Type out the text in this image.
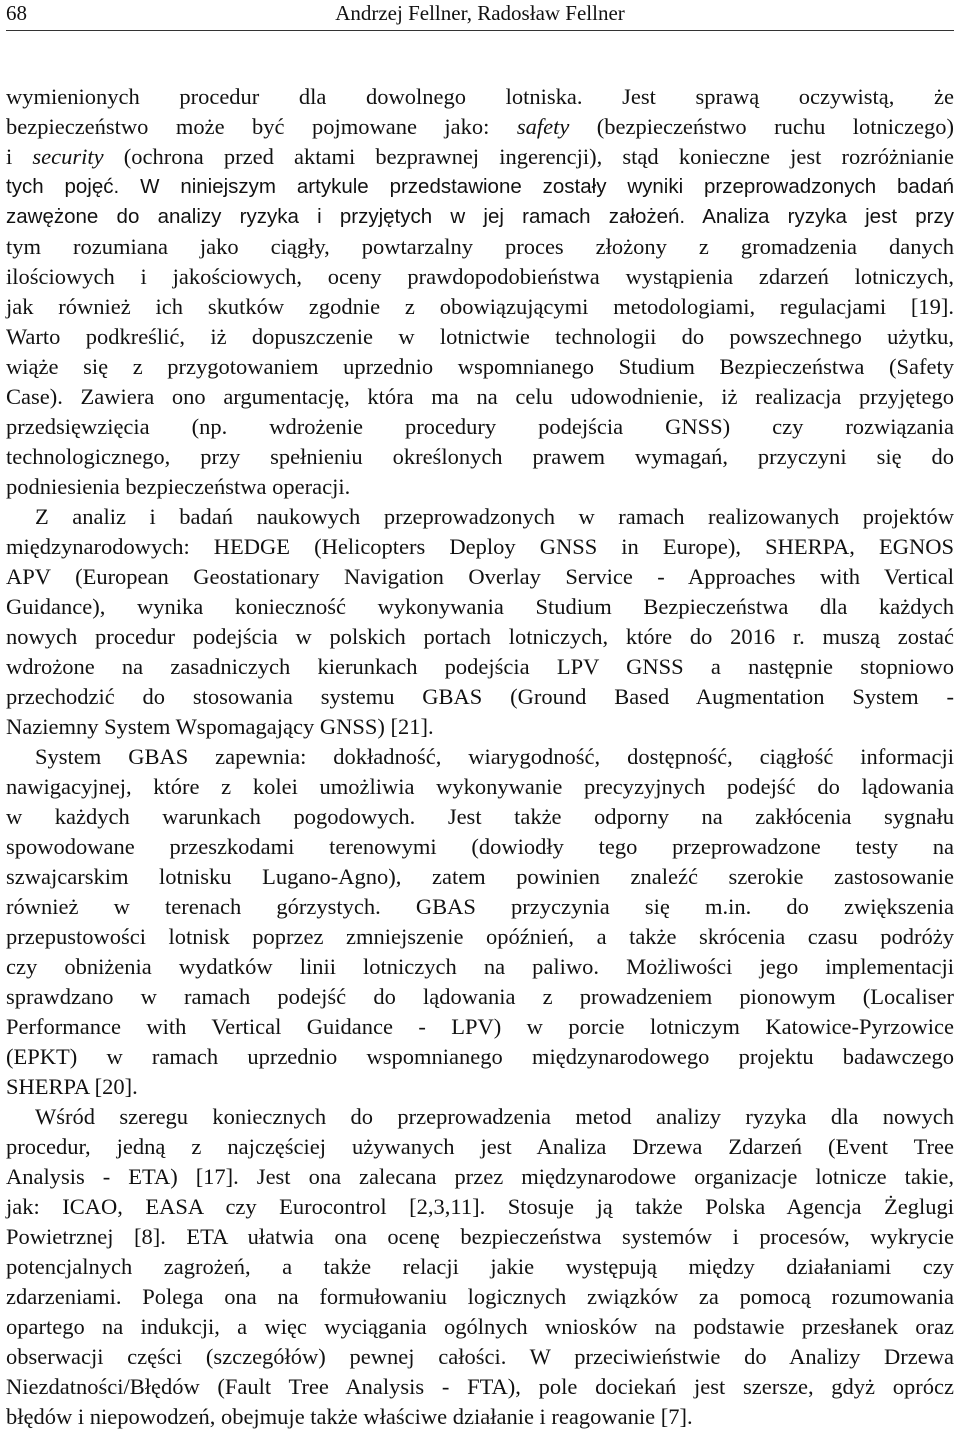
68	Andrzej Fellner, Radosław Fellner
wymienionych procedur dla dowolnego lotniska. Jest sprawą oczywistą, że
bezpieczeństwo może być pojmowane jako: safety (bezpieczeństwo ruchu lotniczego)
i security (ochrona przed aktami bezprawnej ingerencji), stąd konieczne jest rozróżnianie
tych pojęć. W niniejszym artykule przedstawione zostały wyniki przeprowadzonych badań
zawężone do analizy ryzyka i przyjętych w jej ramach założeń. Analiza ryzyka jest przy
tym rozumiana jako ciągły, powtarzalny proces złożony z gromadzenia danych
ilościowych i jakościowych, oceny prawdopodobieństwa wystąpienia zdarzeń lotniczych,
jak również ich skutków zgodnie z obowiązującymi metodologiami, regulacjami [19].
Warto podkreślić, iż dopuszczenie w lotnictwie technologii do powszechnego użytku,
wiąże się z przygotowaniem uprzednio wspomnianego Studium Bezpieczeństwa (Safety
Case). Zawiera ono argumentację, która ma na celu udowodnienie, iż realizacja przyjętego
przedsięwzięcia (np. wdrożenie procedury podejścia GNSS) czy rozwiązania
technologicznego, przy spełnieniu określonych prawem wymagań, przyczyni się do
podniesienia bezpieczeństwa operacji.
Z analiz i badań naukowych przeprowadzonych w ramach realizowanych projektów
międzynarodowych: HEDGE (Helicopters Deploy GNSS in Europe), SHERPA, EGNOS
APV (European Geostationary Navigation Overlay Service - Approaches with Vertical
Guidance), wynika konieczność wykonywania Studium Bezpieczeństwa dla każdych
nowych procedur podejścia w polskich portach lotniczych, które do 2016 r. muszą zostać
wdrożone na zasadniczych kierunkach podejścia LPV GNSS a następnie stopniowo
przechodzić do stosowania systemu GBAS (Ground Based Augmentation System -
Naziemny System Wspomagający GNSS) [21].
System GBAS zapewnia: dokładność, wiarygodność, dostępność, ciągłość informacji
nawigacyjnej, które z kolei umożliwia wykonywanie precyzyjnych podejść do lądowania
w każdych warunkach pogodowych. Jest także odporny na zakłócenia sygnału
spowodowane przeszkodami terenowymi (dowiodły tego przeprowadzone testy na
szwajcarskim lotnisku Lugano-Agno), zatem powinien znaleźć szerokie zastosowanie
również w terenach górzystych. GBAS przyczynia się m.in. do zwiększenia
przepustowości lotnisk poprzez zmniejszenie opóźnień, a także skrócenia czasu podróży
czy obniżenia wydatków linii lotniczych na paliwo. Możliwości jego implementacji
sprawdzano w ramach podejść do lądowania z prowadzeniem pionowym (Localiser
Performance with Vertical Guidance - LPV) w porcie lotniczym Katowice-Pyrzowice
(EPKT) w ramach uprzednio wspomnianego międzynarodowego projektu badawczego
SHERPA [20].
Wśród szeregu koniecznych do przeprowadzenia metod analizy ryzyka dla nowych
procedur, jedną z najczęściej używanych jest Analiza Drzewa Zdarzeń (Event Tree
Analysis - ETA) [17]. Jest ona zalecana przez międzynarodowe organizacje lotnicze takie,
jak: ICAO, EASA czy Eurocontrol [2,3,11]. Stosuje ją także Polska Agencja Żeglugi
Powietrznej [8]. ETA ułatwia ona ocenę bezpieczeństwa systemów i procesów, wykrycie
potencjalnych zagrożeń, a także relacji jakie występują między działaniami czy
zdarzeniami. Polega ona na formułowaniu logicznych związków za pomocą rozumowania
opartego na indukcji, a więc wyciągania ogólnych wniosków na podstawie przesłanek oraz
obserwacji części (szczegółów) pewnej całości. W przeciwieństwie do Analizy Drzewa
Niezdatności/Błędów (Fault Tree Analysis - FTA), pole dociekań jest szersze, gdyż oprócz
błędów i niepowodzeń, obejmuje także właściwe działanie i reagowanie [7].
